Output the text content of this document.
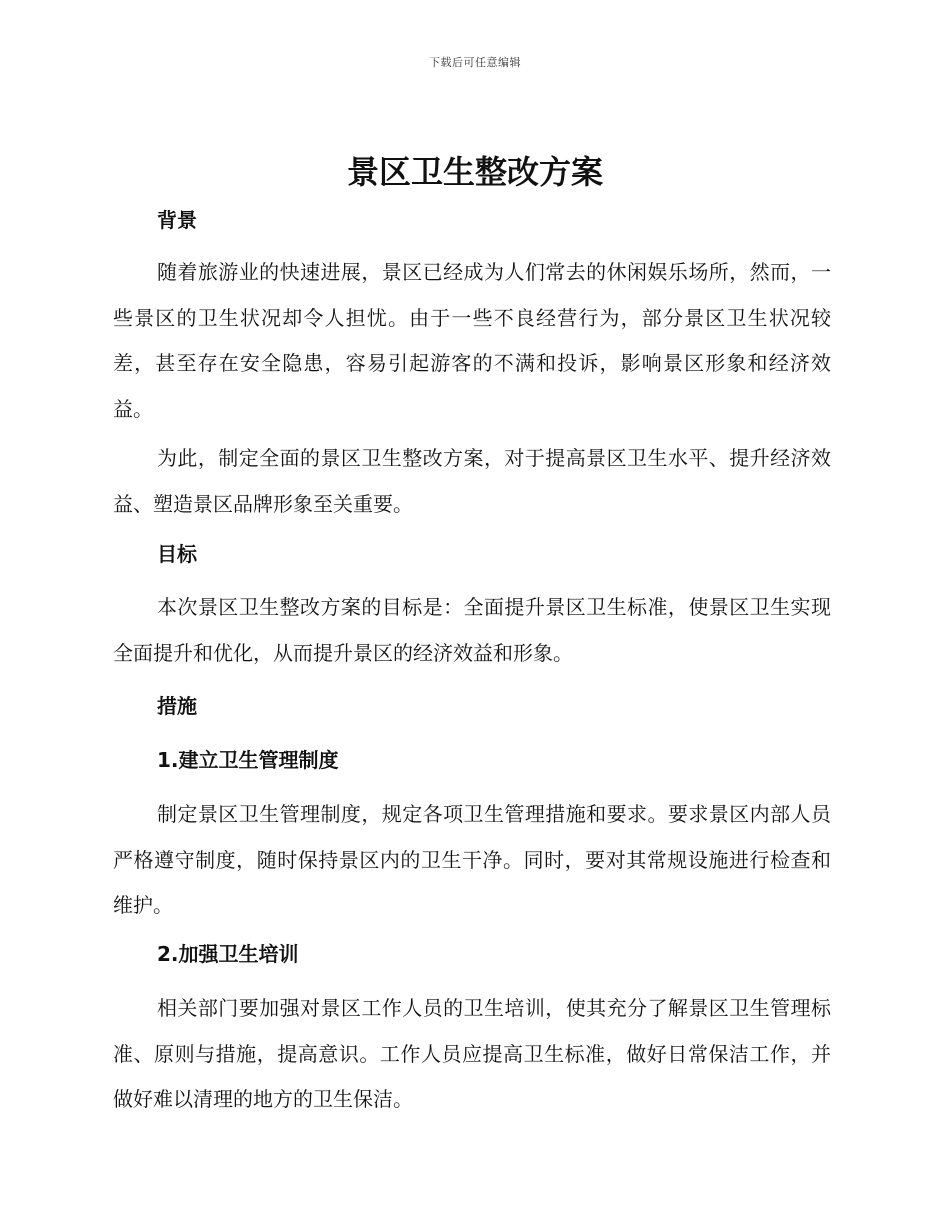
下载后可任意编辑
景区卫生整改方案
背景

随着旅游业的快速进展，景区已经成为人们常去的休闲娱乐场所，然而，一些景区的卫生状况却令人担忧。由于一些不良经营行为，部分景区卫生状况较差，甚至存在安全隐患，容易引起游客的不满和投诉，影响景区形象和经济效益。

为此，制定全面的景区卫生整改方案，对于提高景区卫生水平、提升经济效益、塑造景区品牌形象至关重要。

目标

本次景区卫生整改方案的目标是：全面提升景区卫生标准，使景区卫生实现全面提升和优化，从而提升景区的经济效益和形象。

措施
1.建立卫生管理制度

制定景区卫生管理制度，规定各项卫生管理措施和要求。要求景区内部人员严格遵守制度，随时保持景区内的卫生干净。同时，要对其常规设施进行检查和维护。

2.加强卫生培训

相关部门要加强对景区工作人员的卫生培训，使其充分了解景区卫生管理标准、原则与措施，提高意识。工作人员应提高卫生标准，做好日常保洁工作，并做好难以清理的地方的卫生保洁。
